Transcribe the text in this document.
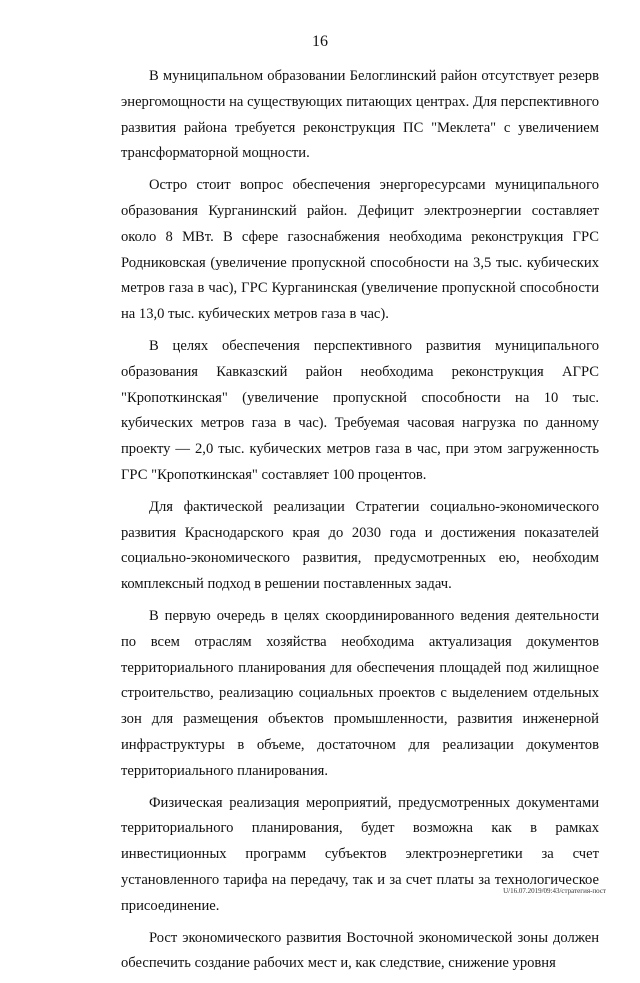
16

В муниципальном образовании Белоглинский район отсутствует резерв энергомощности на существующих питающих центрах. Для перспективного развития района требуется реконструкция ПС "Меклета" с увеличением трансформаторной мощности.

Остро стоит вопрос обеспечения энергоресурсами муниципального образования Курганинский район. Дефицит электроэнергии составляет около 8 МВт. В сфере газоснабжения необходима реконструкция ГРС Родниковская (увеличение пропускной способности на 3,5 тыс. кубических метров газа в час), ГРС Курганинская (увеличение пропускной способности на 13,0 тыс. кубических метров газа в час).

В целях обеспечения перспективного развития муниципального образования Кавказский район необходима реконструкция АГРС "Кропоткинская" (увеличение пропускной способности на 10 тыс. кубических метров газа в час). Требуемая часовая нагрузка по данному проекту — 2,0 тыс. кубических метров газа в час, при этом загруженность ГРС "Кропоткинская" составляет 100 процентов.

Для фактической реализации Стратегии социально-экономического развития Краснодарского края до 2030 года и достижения показателей социально-экономического развития, предусмотренных ею, необходим комплексный подход в решении поставленных задач.

В первую очередь в целях скоординированного ведения деятельности по всем отраслям хозяйства необходима актуализация документов территориального планирования для обеспечения площадей под жилищное строительство, реализацию социальных проектов с выделением отдельных зон для размещения объектов промышленности, развития инженерной инфраструктуры в объеме, достаточном для реализации документов территориального планирования.

Физическая реализация мероприятий, предусмотренных документами территориального планирования, будет возможна как в рамках инвестиционных программ субъектов электроэнергетики за счет установленного тарифа на передачу, так и за счет платы за технологическое присоединение.

Рост экономического развития Восточной экономической зоны должен обеспечить создание рабочих мест и, как следствие, снижение уровня

U/16.07.2019/09:43/стратегия-пост
